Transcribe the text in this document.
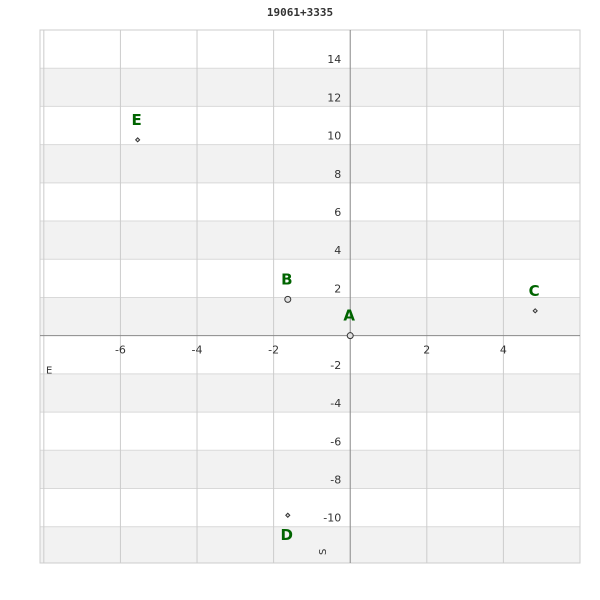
19061+3335
-6	-4	-2	2	4
-10
-8
-6
-4
-2
2
4
6
8
10
12
14
E
S
A
B
C
D
E
